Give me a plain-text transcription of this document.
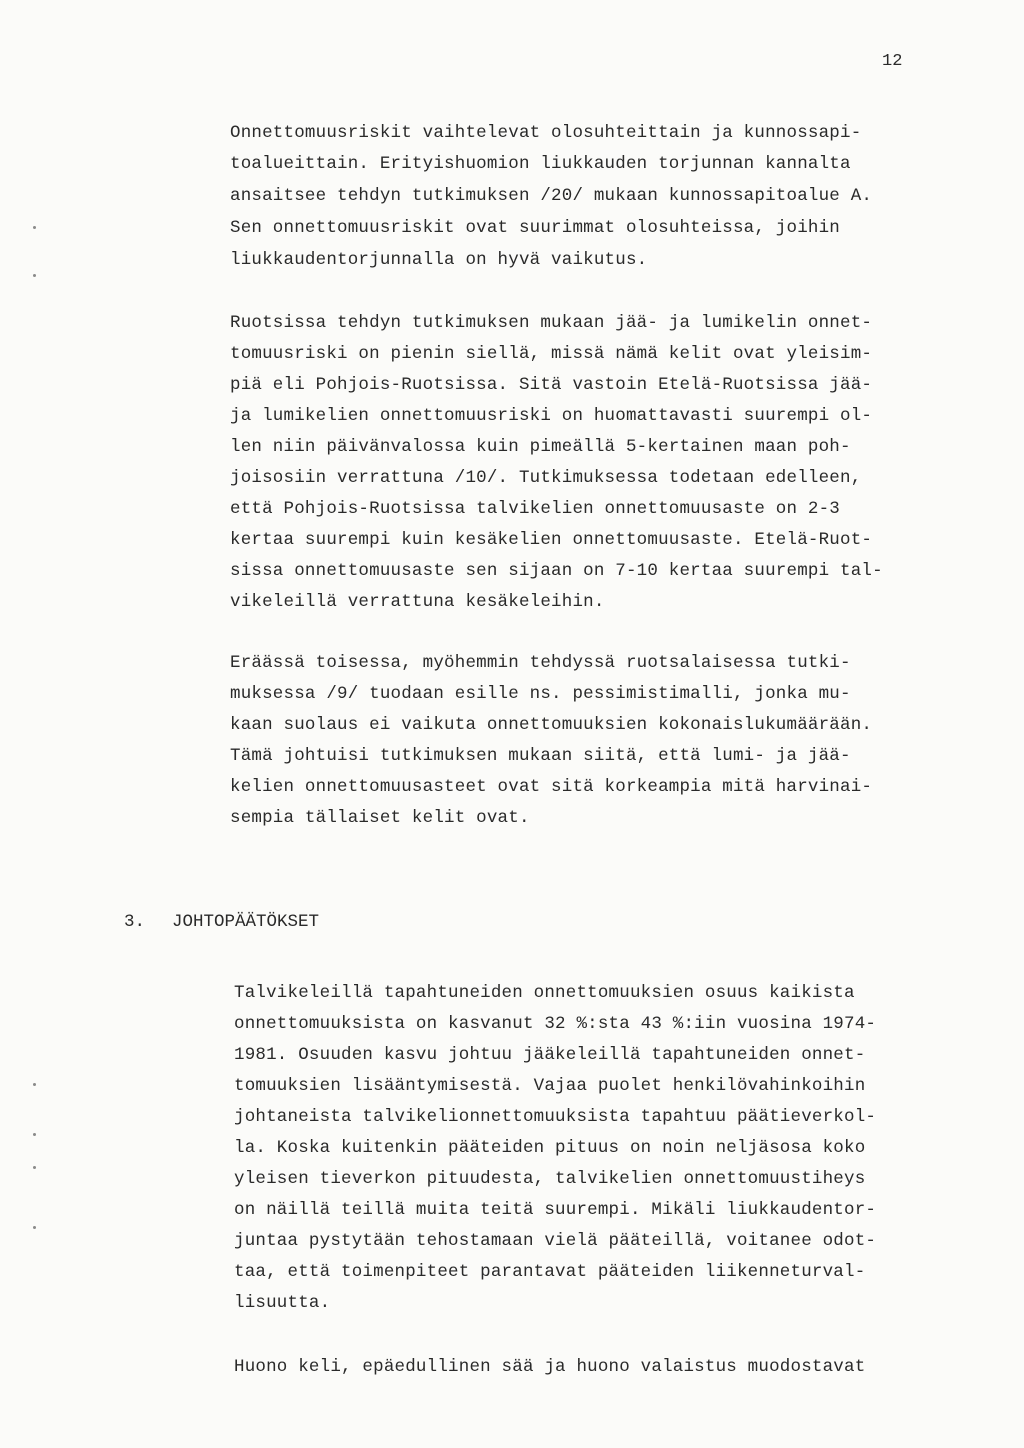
12
Onnettomuusriskit vaihtelevat olosuhteittain ja kunnossapi-
toalueittain. Erityishuomion liukkauden torjunnan kannalta
ansaitsee tehdyn tutkimuksen /20/ mukaan kunnossapitoalue A.
Sen onnettomuusriskit ovat suurimmat olosuhteissa, joihin
liukkaudentorjunnalla on hyvä vaikutus.
Ruotsissa tehdyn tutkimuksen mukaan jää- ja lumikelin onnet-
tomuusriski on pienin siellä, missä nämä kelit ovat yleisim-
piä eli Pohjois-Ruotsissa. Sitä vastoin Etelä-Ruotsissa jää-
ja lumikelien onnettomuusriski on huomattavasti suurempi ol-
len niin päivänvalossa kuin pimeällä 5-kertainen maan poh-
joisosiin verrattuna /10/. Tutkimuksessa todetaan edelleen,
että Pohjois-Ruotsissa talvikelien onnettomuusaste on 2-3
kertaa suurempi kuin kesäkelien onnettomuusaste. Etelä-Ruot-
sissa onnettomuusaste sen sijaan on 7-10 kertaa suurempi tal-
vikeleillä verrattuna kesäkeleihin.
Eräässä toisessa, myöhemmin tehdyssä ruotsalaisessa tutki-
muksessa /9/ tuodaan esille ns. pessimistimalli, jonka mu-
kaan suolaus ei vaikuta onnettomuuksien kokonaislukumäärään.
Tämä johtuisi tutkimuksen mukaan siitä, että lumi- ja jää-
kelien onnettomuusasteet ovat sitä korkeampia mitä harvinai-
sempia tällaiset kelit ovat.
3. JOHTOPÄÄTÖKSET
Talvikeleillä tapahtuneiden onnettomuuksien osuus kaikista
onnettomuuksista on kasvanut 32 %:sta 43 %:iin vuosina 1974-
1981. Osuuden kasvu johtuu jääkeleillä tapahtuneiden onnet-
tomuuksien lisääntymisestä. Vajaa puolet henkilövahinkoihin
johtaneista talvikelionnettomuuksista tapahtuu päätieverkol-
la. Koska kuitenkin pääteiden pituus on noin neljäsosa koko
yleisen tieverkon pituudesta, talvikelien onnettomuustiheys
on näillä teillä muita teitä suurempi. Mikäli liukkaudentor-
juntaa pystytään tehostamaan vielä pääteillä, voitanee odot-
taa, että toimenpiteet parantavat pääteiden liikenneturval-
lisuutta.
Huono keli, epäedullinen sää ja huono valaistus muodostavat
